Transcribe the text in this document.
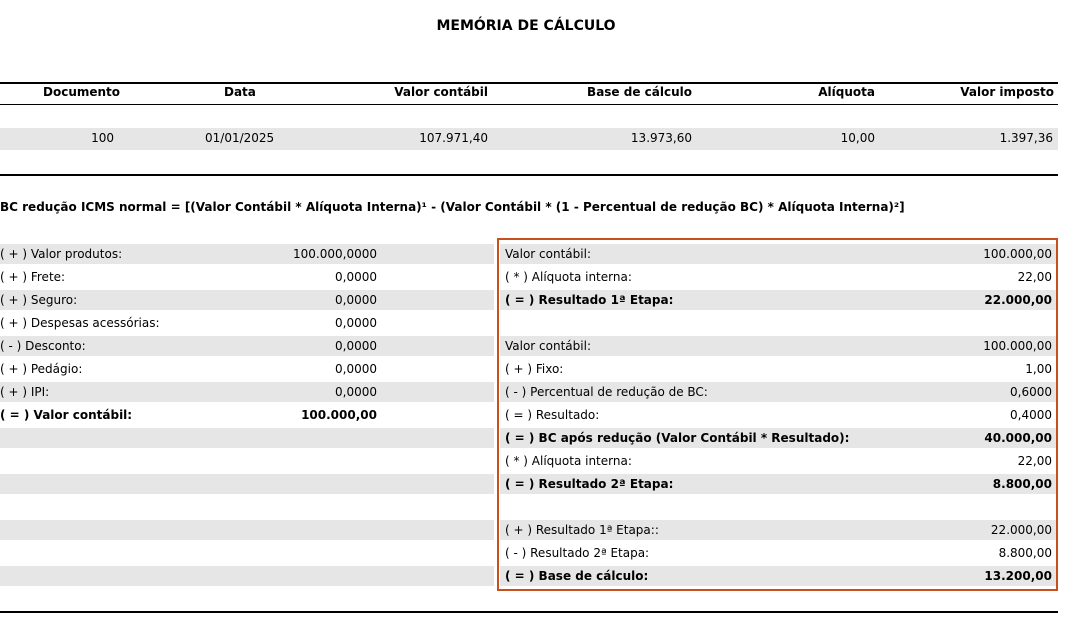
MEMÓRIA DE CÁLCULO
Documento	Data	Valor contábil	Base de cálculo	Alíquota	Valor imposto
100	01/01/2025	107.971,40	13.973,60	10,00	1.397,36
BC redução ICMS normal = [(Valor Contábil * Alíquota Interna)¹ - (Valor Contábil * (1 - Percentual de redução BC) * Alíquota Interna)²]
( + ) Valor produtos:	100.000,0000
( + ) Frete:	0,0000
( + ) Seguro:	0,0000
( + ) Despesas acessórias:	0,0000
( - ) Desconto:	0,0000
( + ) Pedágio:	0,0000
( + ) IPI:	0,0000
( = ) Valor contábil:	100.000,00
Valor contábil:	100.000,00
( * ) Alíquota interna:	22,00
( = ) Resultado 1ª Etapa:	22.000,00
Valor contábil:	100.000,00
( + ) Fixo:	1,00
( - ) Percentual de redução de BC:	0,6000
( = ) Resultado:	0,4000
( = ) BC após redução (Valor Contábil * Resultado):	40.000,00
( * ) Alíquota interna:	22,00
( = ) Resultado 2ª Etapa:	8.800,00
( + ) Resultado 1ª Etapa::	22.000,00
( - ) Resultado 2ª Etapa:	8.800,00
( = ) Base de cálculo:	13.200,00
